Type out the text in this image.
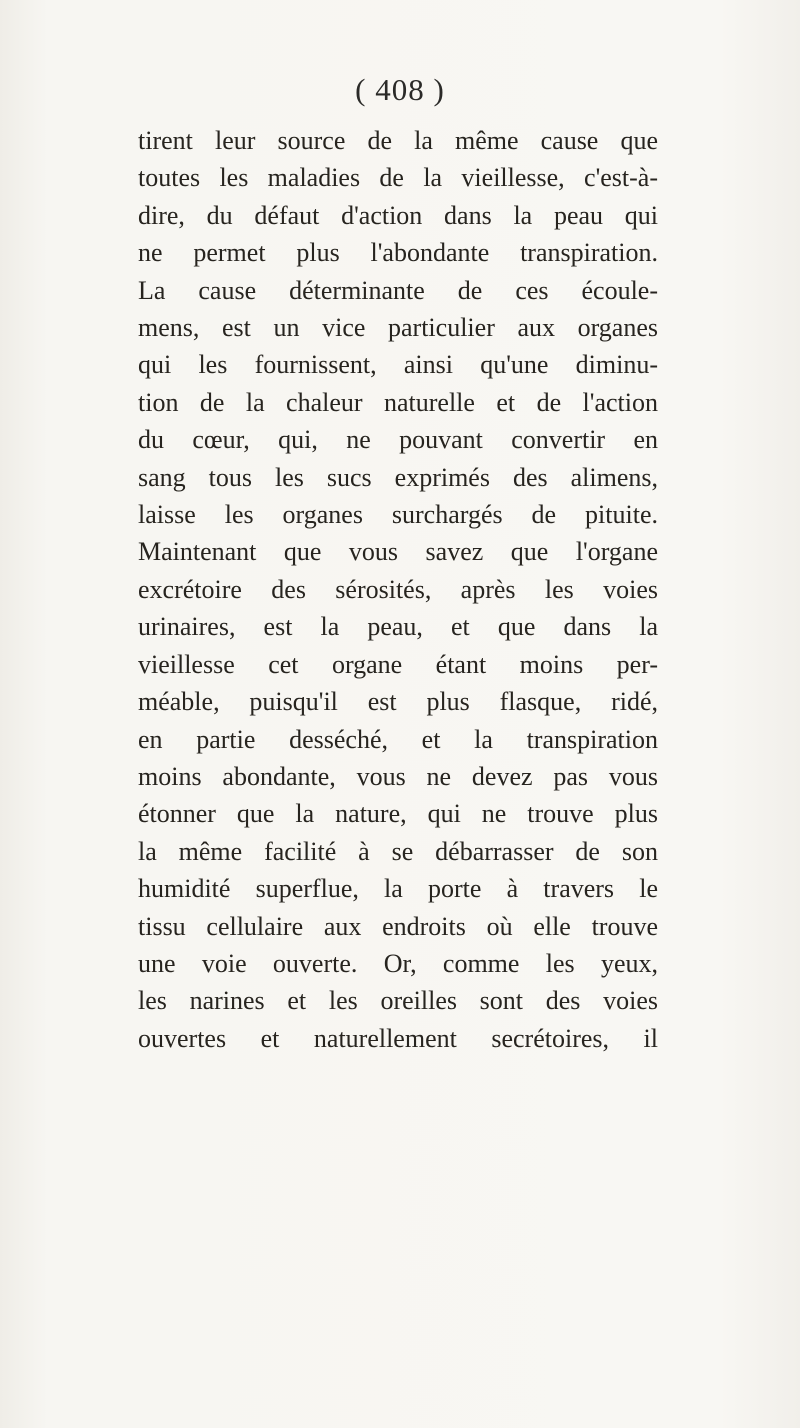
( 408 )
tirent leur source de la même cause que
toutes les maladies de la vieillesse, c'est-à-
dire, du défaut d'action dans la peau qui
ne permet plus l'abondante transpiration.
La cause déterminante de ces écoule-
mens, est un vice particulier aux organes
qui les fournissent, ainsi qu'une diminu-
tion de la chaleur naturelle et de l'action
du cœur, qui, ne pouvant convertir en
sang tous les sucs exprimés des alimens,
laisse les organes surchargés de pituite.
Maintenant que vous savez que l'organe
excrétoire des sérosités, après les voies
urinaires, est la peau, et que dans la
vieillesse cet organe étant moins per-
méable, puisqu'il est plus flasque, ridé,
en partie desséché, et la transpiration
moins abondante, vous ne devez pas vous
étonner que la nature, qui ne trouve plus
la même facilité à se débarrasser de son
humidité superflue, la porte à travers le
tissu cellulaire aux endroits où elle trouve
une voie ouverte. Or, comme les yeux,
les narines et les oreilles sont des voies
ouvertes et naturellement secrétoires, il
